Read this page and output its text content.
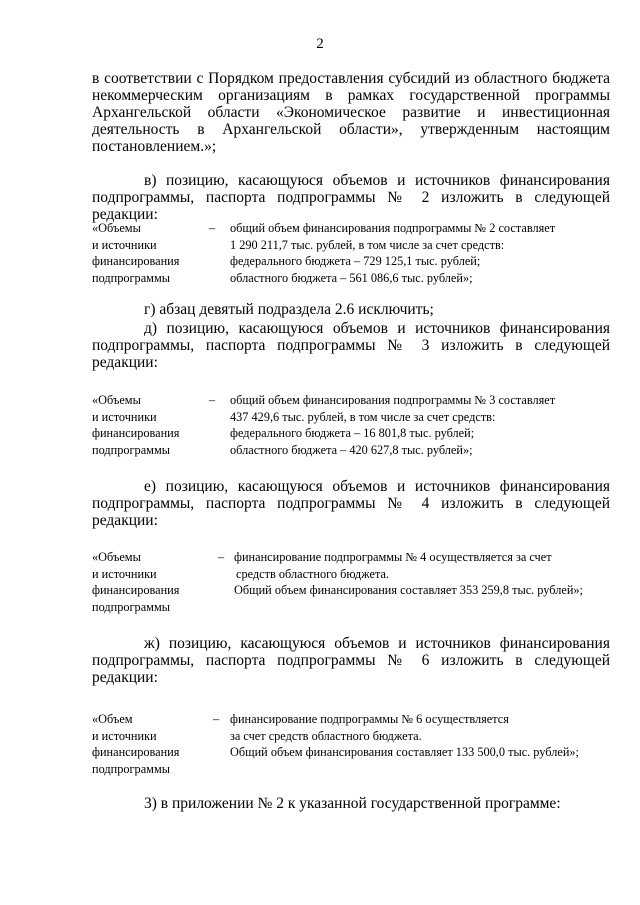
2
в соответствии с Порядком предоставления субсидий из областного бюджета
некоммерческим организациям в рамках государственной программы
Архангельской области «Экономическое развитие и инвестиционная
деятельность в Архангельской области», утвержденным настоящим
постановлением.»;
в) позицию, касающуюся объемов и источников финансирования
подпрограммы, паспорта подпрограммы № 2 изложить в следующей редакции:
«Объемы
и источники
финансирования
подпрограммы
– общий объем финансирования подпрограммы № 2 составляет
1 290 211,7 тыс. рублей, в том числе за счет средств:
федерального бюджета – 729 125,1 тыс. рублей;
областного бюджета – 561 086,6 тыс. рублей»;
г) абзац девятый подраздела 2.6 исключить;
д) позицию, касающуюся объемов и источников финансирования
подпрограммы, паспорта подпрограммы № 3 изложить в следующей
редакции:
«Объемы
и источники
финансирования
подпрограммы
– общий объем финансирования подпрограммы № 3 составляет
437 429,6 тыс. рублей, в том числе за счет средств:
федерального бюджета – 16 801,8 тыс. рублей;
областного бюджета – 420 627,8 тыс. рублей»;
е) позицию, касающуюся объемов и источников финансирования
подпрограммы, паспорта подпрограммы № 4 изложить в следующей
редакции:
«Объемы
и источники
финансирования
подпрограммы
– финансирование подпрограммы № 4 осуществляется за счет
средств областного бюджета.
Общий объем финансирования составляет 353 259,8 тыс. рублей»;
ж) позицию, касающуюся объемов и источников финансирования
подпрограммы, паспорта подпрограммы № 6 изложить в следующей
редакции:
«Объем
и источники
финансирования
подпрограммы
– финансирование подпрограммы № 6 осуществляется
за счет средств областного бюджета.
Общий объем финансирования составляет 133 500,0 тыс. рублей»;
3) в приложении № 2 к указанной государственной программе:
